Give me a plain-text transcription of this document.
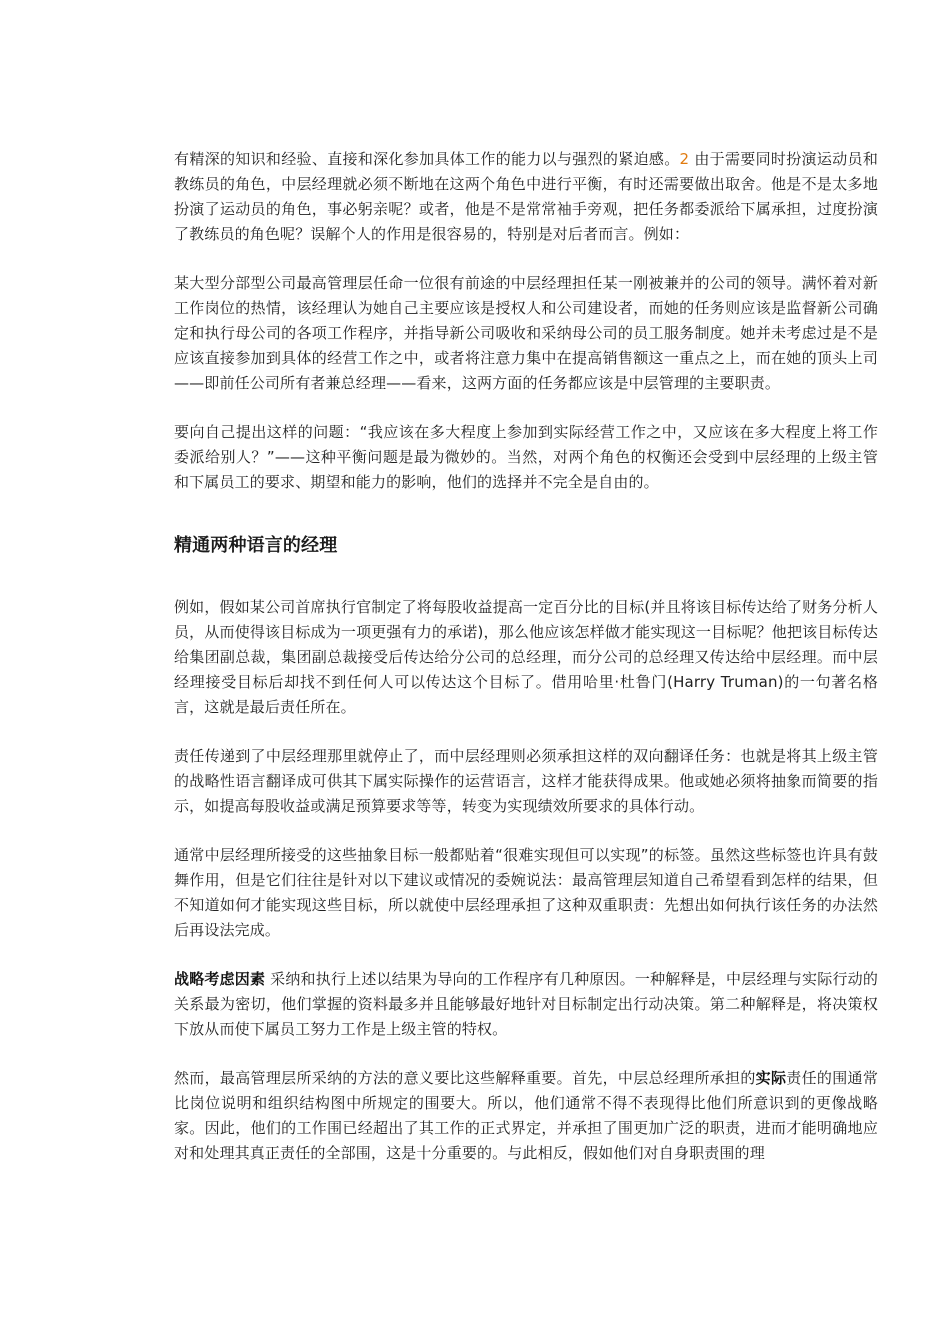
有精深的知识和经验、直接和深化参加具体工作的能力以与强烈的紧迫感。2 由于需要同时扮演运动员和教练员的角色，中层经理就必须不断地在这两个角色中进行平衡，有时还需要做出取舍。他是不是太多地扮演了运动员的角色，事必躬亲呢？或者，他是不是常常袖手旁观，把任务都委派给下属承担，过度扮演了教练员的角色呢？误解个人的作用是很容易的，特别是对后者而言。例如：

某大型分部型公司最高管理层任命一位很有前途的中层经理担任某一刚被兼并的公司的领导。满怀着对新工作岗位的热情，该经理认为她自己主要应该是授权人和公司建设者，而她的任务则应该是监督新公司确定和执行母公司的各项工作程序，并指导新公司吸收和采纳母公司的员工服务制度。她并未考虑过是不是应该直接参加到具体的经营工作之中，或者将注意力集中在提高销售额这一重点之上，而在她的顶头上司——即前任公司所有者兼总经理——看来，这两方面的任务都应该是中层管理的主要职责。

要向自己提出这样的问题：“我应该在多大程度上参加到实际经营工作之中，又应该在多大程度上将工作委派给别人？”——这种平衡问题是最为微妙的。当然，对两个角色的权衡还会受到中层经理的上级主管和下属员工的要求、期望和能力的影响，他们的选择并不完全是自由的。

精通两种语言的经理

例如，假如某公司首席执行官制定了将每股收益提高一定百分比的目标(并且将该目标传达给了财务分析人员，从而使得该目标成为一项更强有力的承诺)，那么他应该怎样做才能实现这一目标呢？他把该目标传达给集团副总裁，集团副总裁接受后传达给分公司的总经理，而分公司的总经理又传达给中层经理。而中层经理接受目标后却找不到任何人可以传达这个目标了。借用哈里·杜鲁门(Harry Truman)的一句著名格言，这就是最后责任所在。

责任传递到了中层经理那里就停止了，而中层经理则必须承担这样的双向翻译任务：也就是将其上级主管的战略性语言翻译成可供其下属实际操作的运营语言，这样才能获得成果。他或她必须将抽象而简要的指示，如提高每股收益或满足预算要求等等，转变为实现绩效所要求的具体行动。

通常中层经理所接受的这些抽象目标一般都贴着“很难实现但可以实现”的标签。虽然这些标签也许具有鼓舞作用，但是它们往往是针对以下建议或情况的委婉说法：最高管理层知道自己希望看到怎样的结果，但不知道如何才能实现这些目标，所以就使中层经理承担了这种双重职责：先想出如何执行该任务的办法然后再设法完成。

战略考虑因素 采纳和执行上述以结果为导向的工作程序有几种原因。一种解释是，中层经理与实际行动的关系最为密切，他们掌握的资料最多并且能够最好地针对目标制定出行动决策。第二种解释是，将决策权下放从而使下属员工努力工作是上级主管的特权。

然而，最高管理层所采纳的方法的意义要比这些解释重要。首先，中层总经理所承担的实际责任的围通常比岗位说明和组织结构图中所规定的围要大。所以，他们通常不得不表现得比他们所意识到的更像战略家。因此，他们的工作围已经超出了其工作的正式界定，并承担了围更加广泛的职责，进而才能明确地应对和处理其真正责任的全部围，这是十分重要的。与此相反，假如他们对自身职责围的理
